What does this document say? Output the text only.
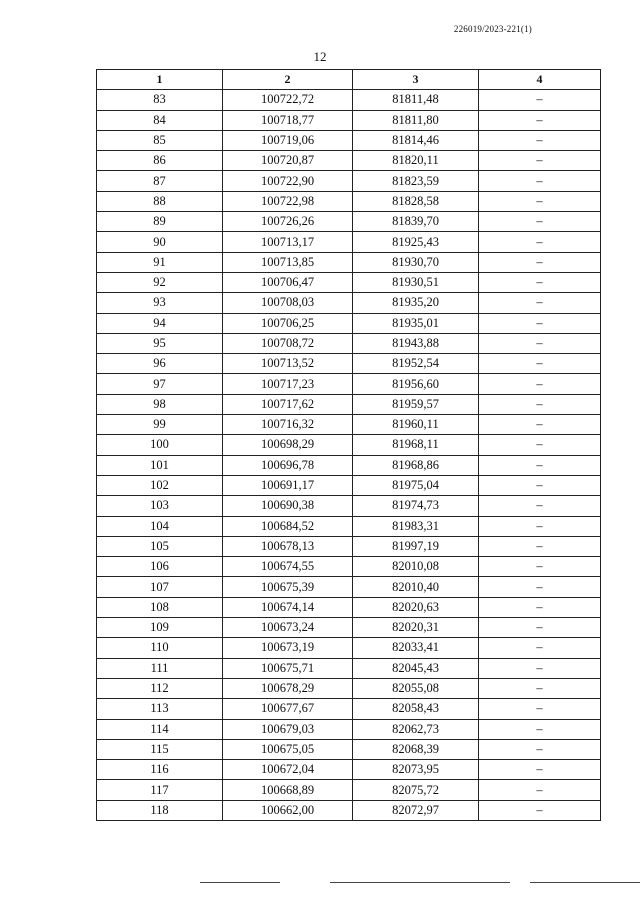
226019/2023-221(1)
12
1	2	3	4
83	100722,72	81811,48	–
84	100718,77	81811,80	–
85	100719,06	81814,46	–
86	100720,87	81820,11	–
87	100722,90	81823,59	–
88	100722,98	81828,58	–
89	100726,26	81839,70	–
90	100713,17	81925,43	–
91	100713,85	81930,70	–
92	100706,47	81930,51	–
93	100708,03	81935,20	–
94	100706,25	81935,01	–
95	100708,72	81943,88	–
96	100713,52	81952,54	–
97	100717,23	81956,60	–
98	100717,62	81959,57	–
99	100716,32	81960,11	–
100	100698,29	81968,11	–
101	100696,78	81968,86	–
102	100691,17	81975,04	–
103	100690,38	81974,73	–
104	100684,52	81983,31	–
105	100678,13	81997,19	–
106	100674,55	82010,08	–
107	100675,39	82010,40	–
108	100674,14	82020,63	–
109	100673,24	82020,31	–
110	100673,19	82033,41	–
111	100675,71	82045,43	–
112	100678,29	82055,08	–
113	100677,67	82058,43	–
114	100679,03	82062,73	–
115	100675,05	82068,39	–
116	100672,04	82073,95	–
117	100668,89	82075,72	–
118	100662,00	82072,97	–
